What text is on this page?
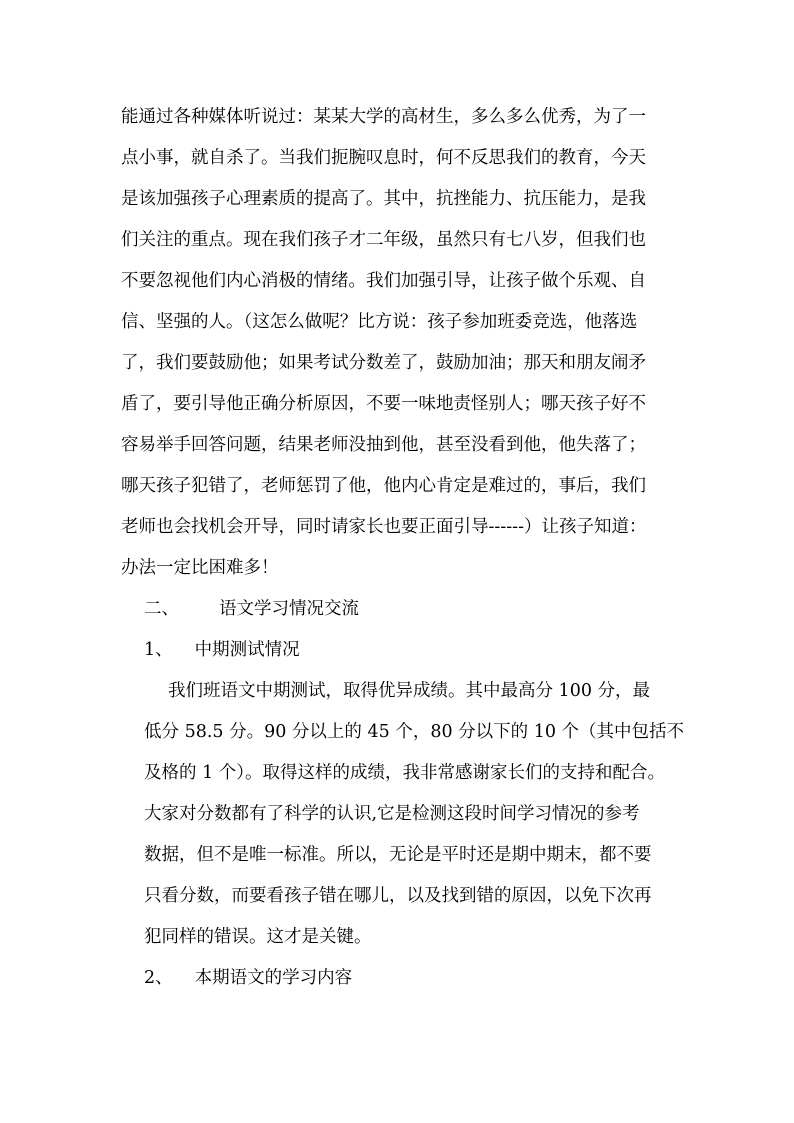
能通过各种媒体听说过：某某大学的高材生，多么多么优秀，为了一
点小事，就自杀了。当我们扼腕叹息时，何不反思我们的教育，今天
是该加强孩子心理素质的提高了。其中，抗挫能力、抗压能力，是我
们关注的重点。现在我们孩子才二年级，虽然只有七八岁，但我们也
不要忽视他们内心消极的情绪。我们加强引导，让孩子做个乐观、自
信、坚强的人。（这怎么做呢？比方说：孩子参加班委竞选，他落选
了，我们要鼓励他；如果考试分数差了，鼓励加油；那天和朋友闹矛
盾了，要引导他正确分析原因，不要一味地责怪别人；哪天孩子好不
容易举手回答问题，结果老师没抽到他，甚至没看到他，他失落了；
哪天孩子犯错了，老师惩罚了他，他内心肯定是难过的，事后，我们
老师也会找机会开导，同时请家长也要正面引导------）让孩子知道：
办法一定比困难多！
二、 语文学习情况交流
1、 中期测试情况
我们班语文中期测试，取得优异成绩。其中最高分 100 分，最
低分 58.5 分。90 分以上的 45 个，80 分以下的 10 个（其中包括不
及格的 1 个）。取得这样的成绩，我非常感谢家长们的支持和配合。
大家对分数都有了科学的认识,它是检测这段时间学习情况的参考
数据，但不是唯一标准。所以，无论是平时还是期中期末，都不要
只看分数，而要看孩子错在哪儿，以及找到错的原因，以免下次再
犯同样的错误。这才是关键。
2、 本期语文的学习内容
